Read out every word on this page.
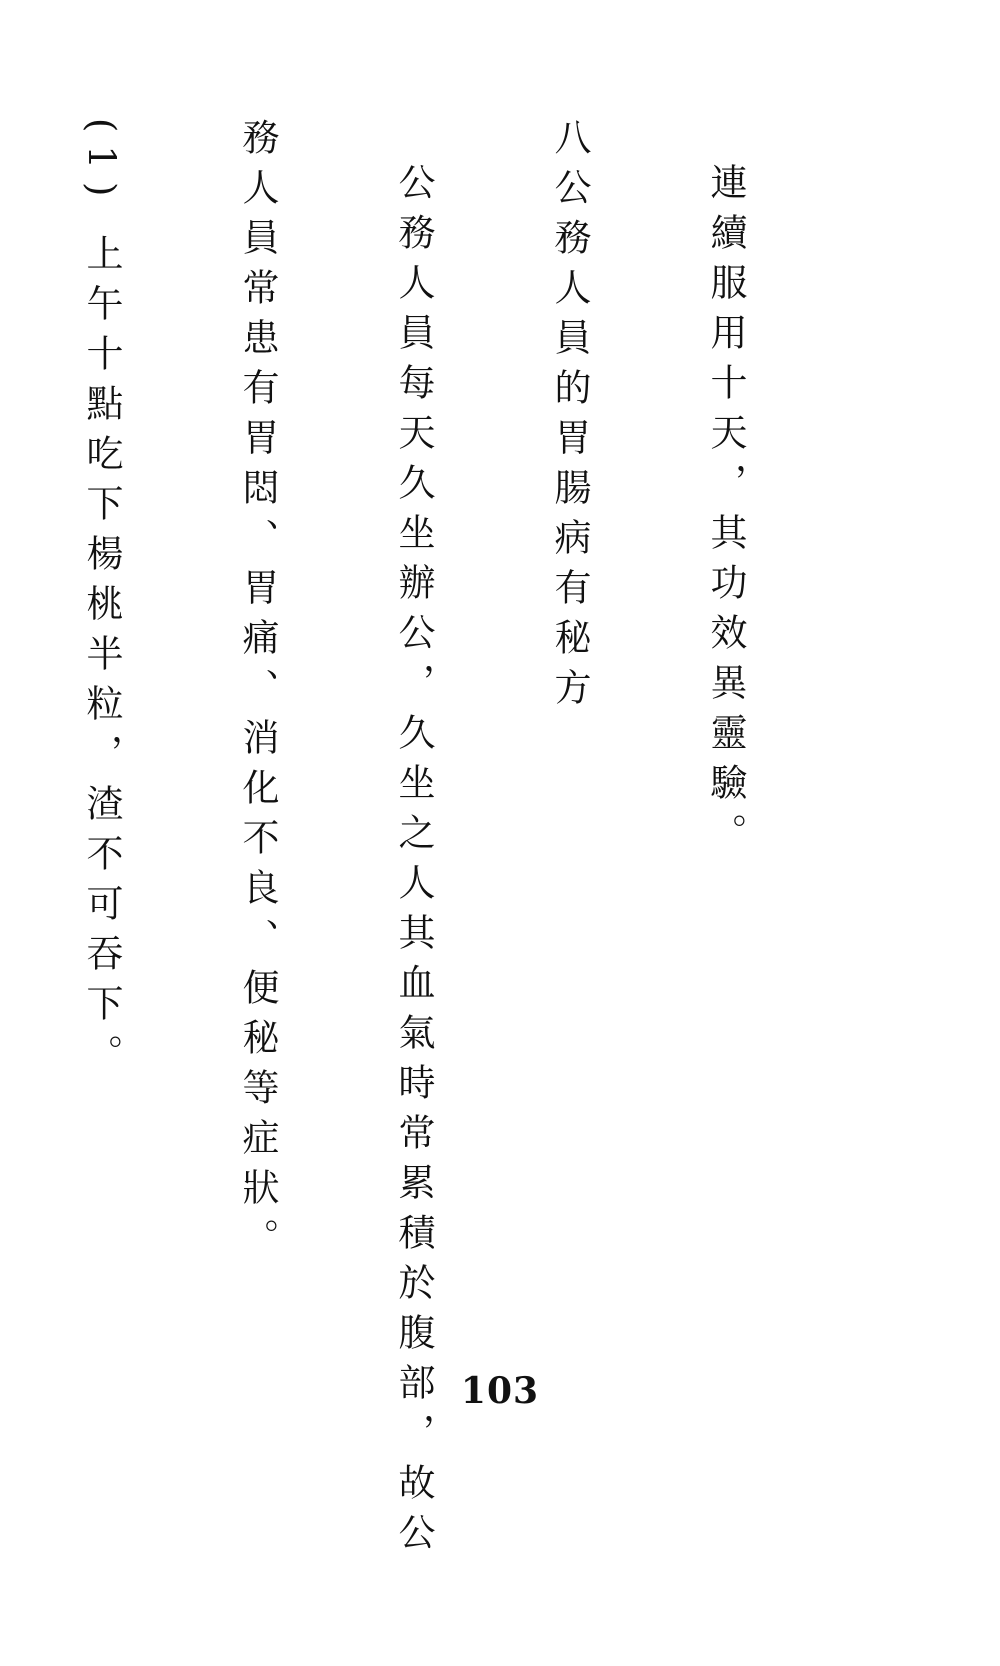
連續服用十天，其功效異靈驗。

八公務人員的胃腸病有秘方

公務人員每天久坐辦公，久坐之人其血氣時常累積於腹部，故公

務人員常患有胃悶、胃痛、消化不良、便秘等症狀。

(1) 上午十點吃下楊桃半粒，渣不可吞下。

103
